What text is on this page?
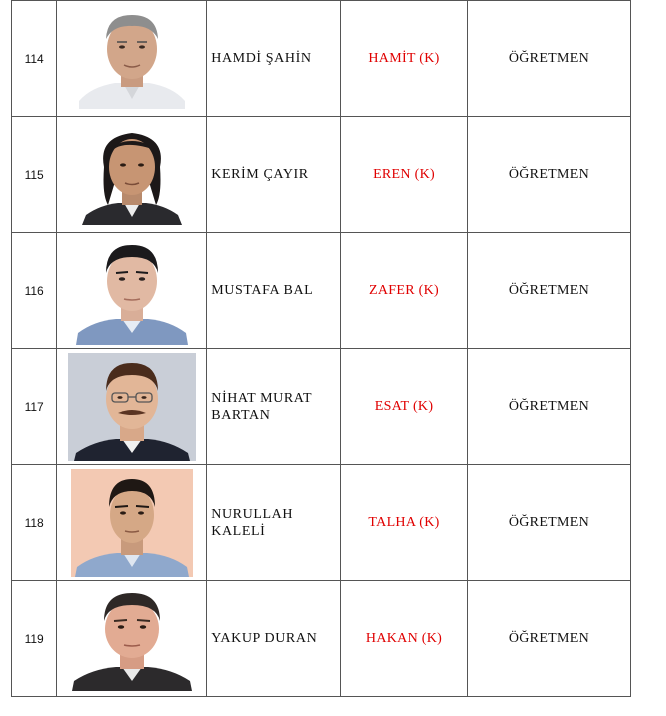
114		HAMDİ ŞAHİN	HAMİT (K)	ÖĞRETMEN
115		KERİM ÇAYIR	EREN (K)	ÖĞRETMEN
116		MUSTAFA BAL	ZAFER (K)	ÖĞRETMEN
117		NİHAT MURAT BARTAN	ESAT (K)	ÖĞRETMEN
118		NURULLAH KALELİ	TALHA (K)	ÖĞRETMEN
119		YAKUP DURAN	HAKAN (K)	ÖĞRETMEN
